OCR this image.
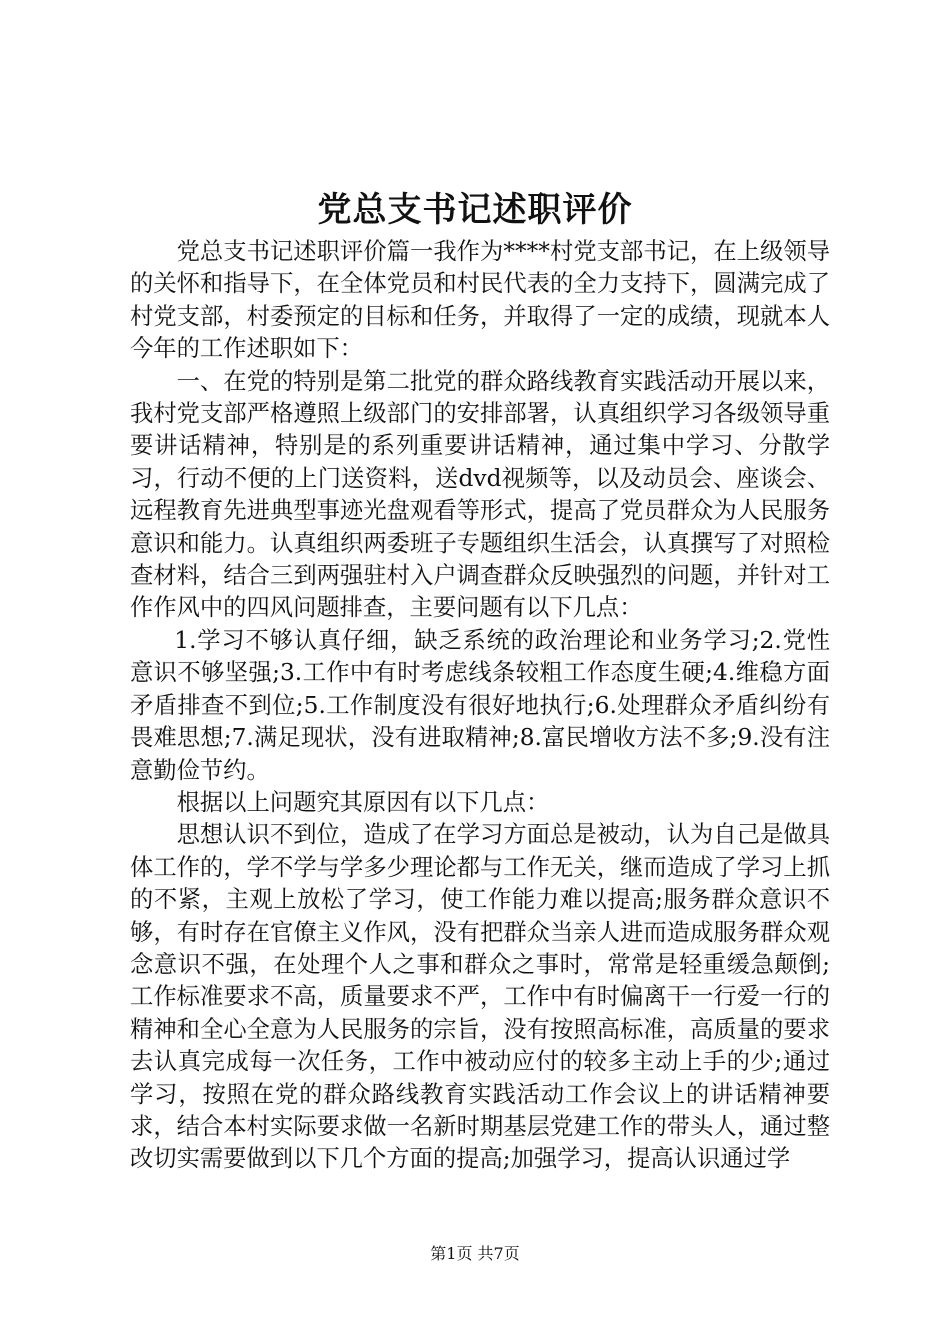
党总支书记述职评价

党总支书记述职评价篇一我作为****村党支部书记，在上级领导的关怀和指导下，在全体党员和村民代表的全力支持下，圆满完成了村党支部，村委预定的目标和任务，并取得了一定的成绩，现就本人今年的工作述职如下：

一、在党的特别是第二批党的群众路线教育实践活动开展以来，我村党支部严格遵照上级部门的安排部署，认真组织学习各级领导重要讲话精神，特别是的系列重要讲话精神，通过集中学习、分散学习，行动不便的上门送资料，送dvd视频等，以及动员会、座谈会、远程教育先进典型事迹光盘观看等形式，提高了党员群众为人民服务意识和能力。认真组织两委班子专题组织生活会，认真撰写了对照检查材料，结合三到两强驻村入户调查群众反映强烈的问题，并针对工作作风中的四风问题排查，主要问题有以下几点：

1.学习不够认真仔细，缺乏系统的政治理论和业务学习;2.党性意识不够坚强;3.工作中有时考虑线条较粗工作态度生硬;4.维稳方面矛盾排查不到位;5.工作制度没有很好地执行;6.处理群众矛盾纠纷有畏难思想;7.满足现状，没有进取精神;8.富民增收方法不多;9.没有注意勤俭节约。

根据以上问题究其原因有以下几点：

思想认识不到位，造成了在学习方面总是被动，认为自己是做具体工作的，学不学与学多少理论都与工作无关，继而造成了学习上抓的不紧，主观上放松了学习，使工作能力难以提高;服务群众意识不够，有时存在官僚主义作风，没有把群众当亲人进而造成服务群众观念意识不强，在处理个人之事和群众之事时，常常是轻重缓急颠倒;工作标准要求不高，质量要求不严，工作中有时偏离干一行爱一行的精神和全心全意为人民服务的宗旨，没有按照高标准，高质量的要求去认真完成每一次任务，工作中被动应付的较多主动上手的少;通过学习，按照在党的群众路线教育实践活动工作会议上的讲话精神要求，结合本村实际要求做一名新时期基层党建工作的带头人，通过整改切实需要做到以下几个方面的提高;加强学习，提高认识通过学

第1页 共7页
